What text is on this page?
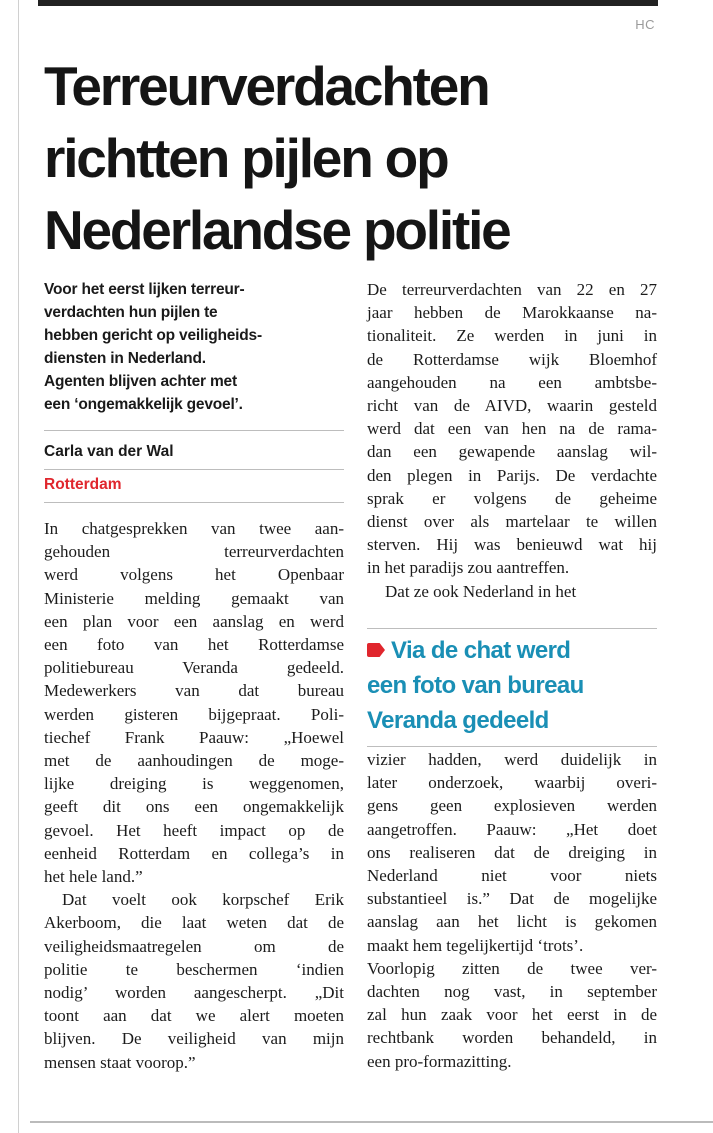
HC
Terreurverdachten
richtten pijlen op
Nederlandse politie
Voor het eerst lijken terreur-
verdachten hun pijlen te
hebben gericht op veiligheids-
diensten in Nederland.
Agenten blijven achter met
een ‘ongemakkelijk gevoel’.
Carla van der Wal
Rotterdam

In chatgesprekken van twee aan-
gehouden terreurverdachten
werd volgens het Openbaar
Ministerie melding gemaakt van
een plan voor een aanslag en werd
een foto van het Rotterdamse
politiebureau Veranda gedeeld.
Medewerkers van dat bureau
werden gisteren bijgepraat. Poli-
tiechef Frank Paauw: „Hoewel
met de aanhoudingen de moge-
lijke dreiging is weggenomen,
geeft dit ons een ongemakkelijk
gevoel. Het heeft impact op de
eenheid Rotterdam en collega’s in
het hele land.”

Dat voelt ook korpschef Erik
Akerboom, die laat weten dat de
veiligheidsmaatregelen om de
politie te beschermen ‘indien
nodig’ worden aangescherpt. „Dit
toont aan dat we alert moeten
blijven. De veiligheid van mijn
mensen staat voorop.”

De terreurverdachten van 22 en 27
jaar hebben de Marokkaanse na-
tionaliteit. Ze werden in juni in
de Rotterdamse wijk Bloemhof
aangehouden na een ambtsbe-
richt van de AIVD, waarin gesteld
werd dat een van hen na de rama-
dan een gewapende aanslag wil-
den plegen in Parijs. De verdachte
sprak er volgens de geheime
dienst over als martelaar te willen
sterven. Hij was benieuwd wat hij
in het paradijs zou aantreffen.
Dat ze ook Nederland in het

Via de chat werd
een foto van bureau
Veranda gedeeld

vizier hadden, werd duidelijk in
later onderzoek, waarbij overi-
gens geen explosieven werden
aangetroffen. Paauw: „Het doet
ons realiseren dat de dreiging in
Nederland niet voor niets
substantieel is.” Dat de mogelijke
aanslag aan het licht is gekomen
maakt hem tegelijkertijd ‘trots’.
Voorlopig zitten de twee ver-
dachten nog vast, in september
zal hun zaak voor het eerst in de
rechtbank worden behandeld, in
een pro-formazitting.
